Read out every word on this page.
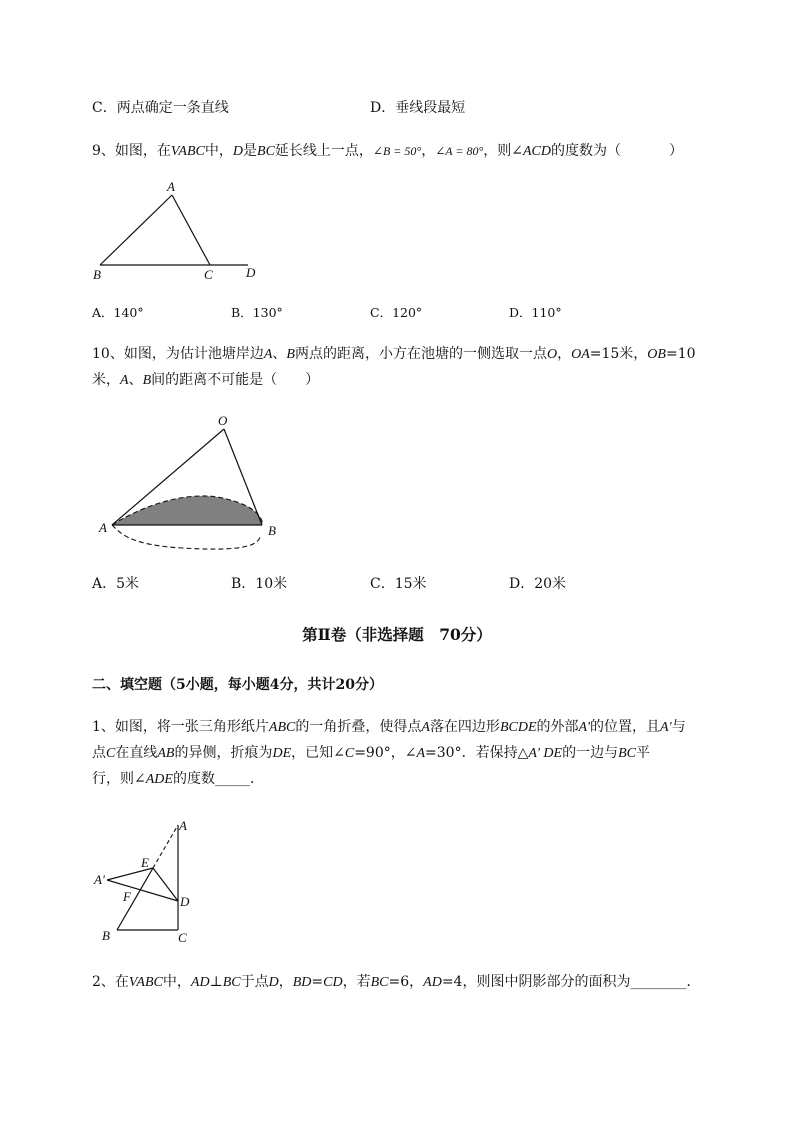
C．两点确定一条直线	D．垂线段最短
9、如图，在VABC中，D是BC延长线上一点，∠B = 50°，∠A = 80°，则∠ACD的度数为（	）
A
B	C	D
A．140°	B．130°	C．120°	D．110°
10、如图，为估计池塘岸边A、B两点的距离，小方在池塘的一侧选取一点O，OA=15米，OB=10
米，A、B间的距离不可能是（　　）
O
A	B
A．5米	B．10米	C．15米	D．20米
第Ⅱ卷（非选择题　70分）
二、填空题（5小题，每小题4分，共计20分）
1、如图，将一张三角形纸片ABC的一角折叠，使得点A落在四边形BCDE的外部A'的位置，且A'与
点C在直线AB的异侧，折痕为DE，已知∠C=90°，∠A=30°．若保持△A' DE的一边与BC平
行，则∠ADE的度数_____．
A
E
A'
F	D
B	C
2、在VABC中，AD⊥BC于点D，BD=CD，若BC=6，AD=4，则图中阴影部分的面积为________．
